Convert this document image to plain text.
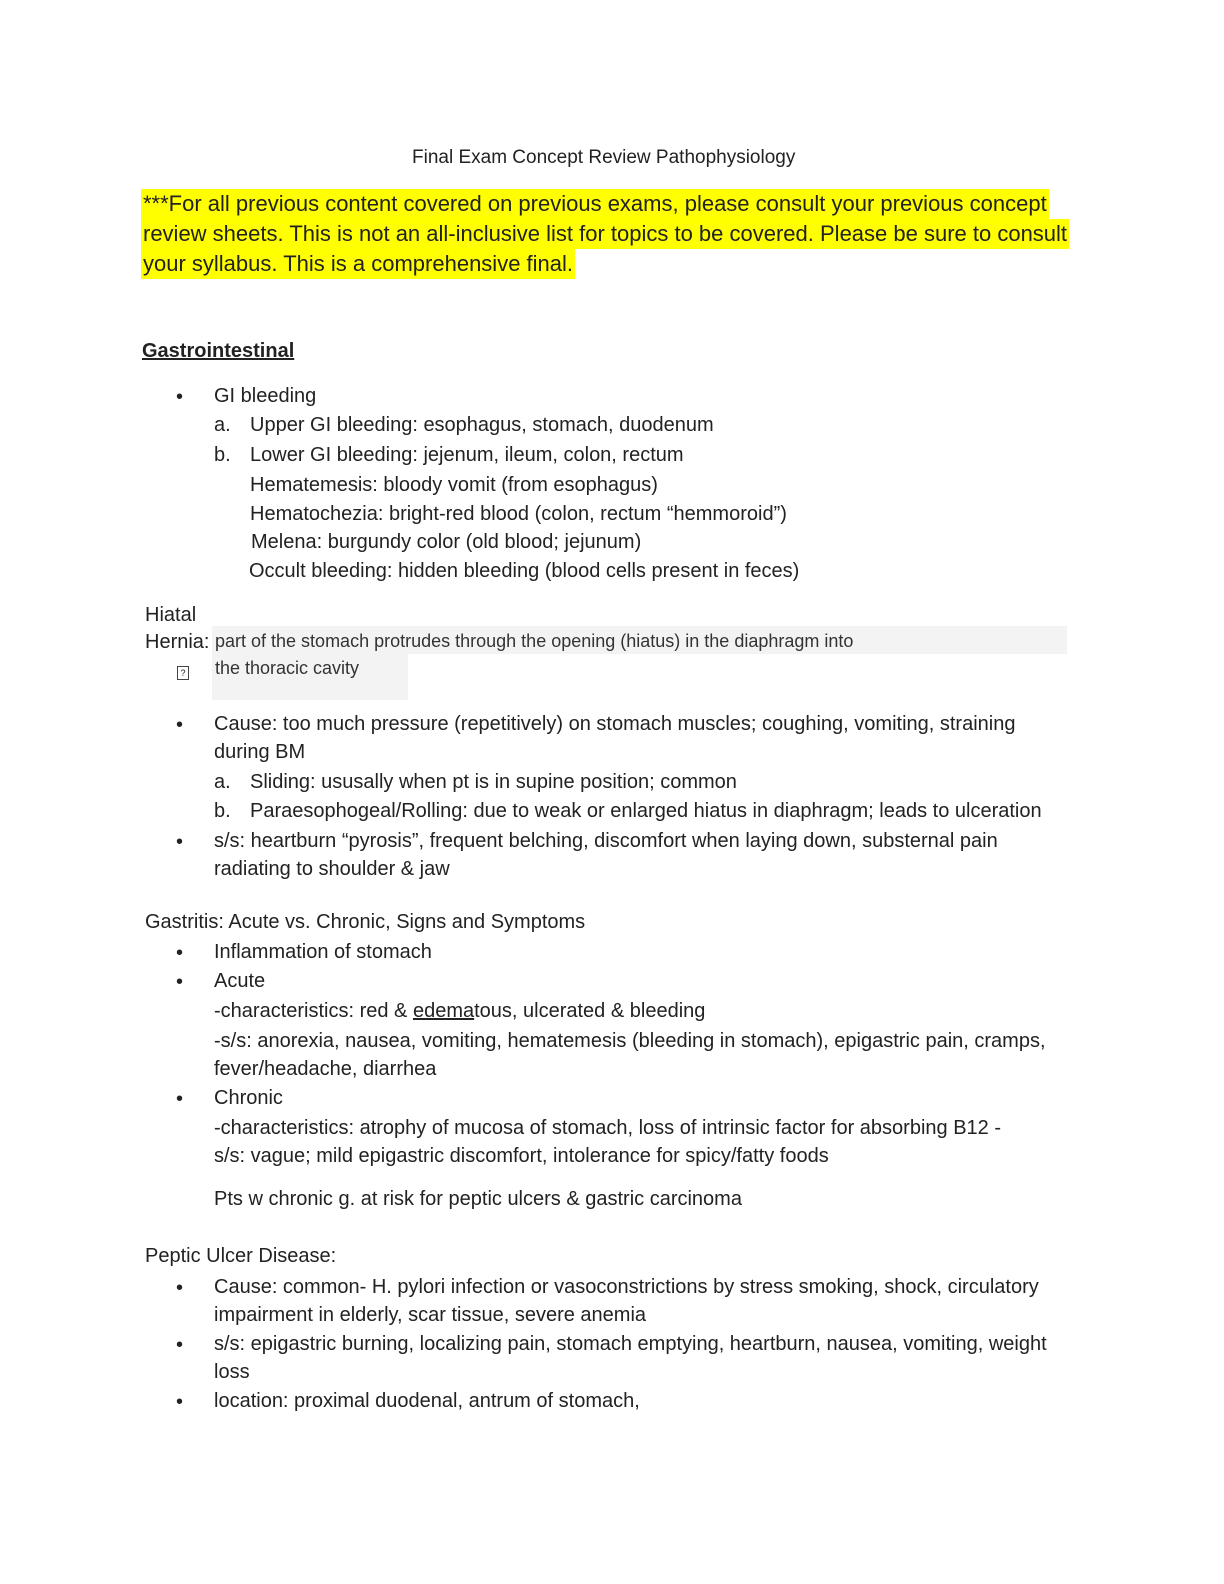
Final Exam Concept Review Pathophysiology
***For all previous content covered on previous exams, please consult your previous concept
review sheets. This is not an all-inclusive list for topics to be covered. Please be sure to consult
your syllabus. This is a comprehensive final.
Gastrointestinal
• GI bleeding
a. Upper GI bleeding: esophagus, stomach, duodenum
b. Lower GI bleeding: jejenum, ileum, colon, rectum
Hematemesis: bloody vomit (from esophagus)
Hematochezia: bright-red blood (colon, rectum “hemmoroid”)
Melena: burgundy color (old blood; jejunum)
Occult bleeding: hidden bleeding (blood cells present in feces)
Hiatal
Hernia: part of the stomach protrudes through the opening (hiatus) in the diaphragm into
the thoracic cavity
?
• Cause: too much pressure (repetitively) on stomach muscles; coughing, vomiting, straining
during BM
a. Sliding: ususally when pt is in supine position; common
b. Paraesophogeal/Rolling: due to weak or enlarged hiatus in diaphragm; leads to ulceration
• s/s: heartburn “pyrosis”, frequent belching, discomfort when laying down, substernal pain
radiating to shoulder & jaw
Gastritis: Acute vs. Chronic, Signs and Symptoms
• Inflammation of stomach
• Acute
-characteristics: red & edematous, ulcerated & bleeding
-s/s: anorexia, nausea, vomiting, hematemesis (bleeding in stomach), epigastric pain, cramps,
fever/headache, diarrhea
• Chronic
-characteristics: atrophy of mucosa of stomach, loss of intrinsic factor for absorbing B12 -
s/s: vague; mild epigastric discomfort, intolerance for spicy/fatty foods
Pts w chronic g. at risk for peptic ulcers & gastric carcinoma
Peptic Ulcer Disease:
• Cause: common- H. pylori infection or vasoconstrictions by stress smoking, shock, circulatory
impairment in elderly, scar tissue, severe anemia
• s/s: epigastric burning, localizing pain, stomach emptying, heartburn, nausea, vomiting, weight
loss
• location: proximal duodenal, antrum of stomach,
